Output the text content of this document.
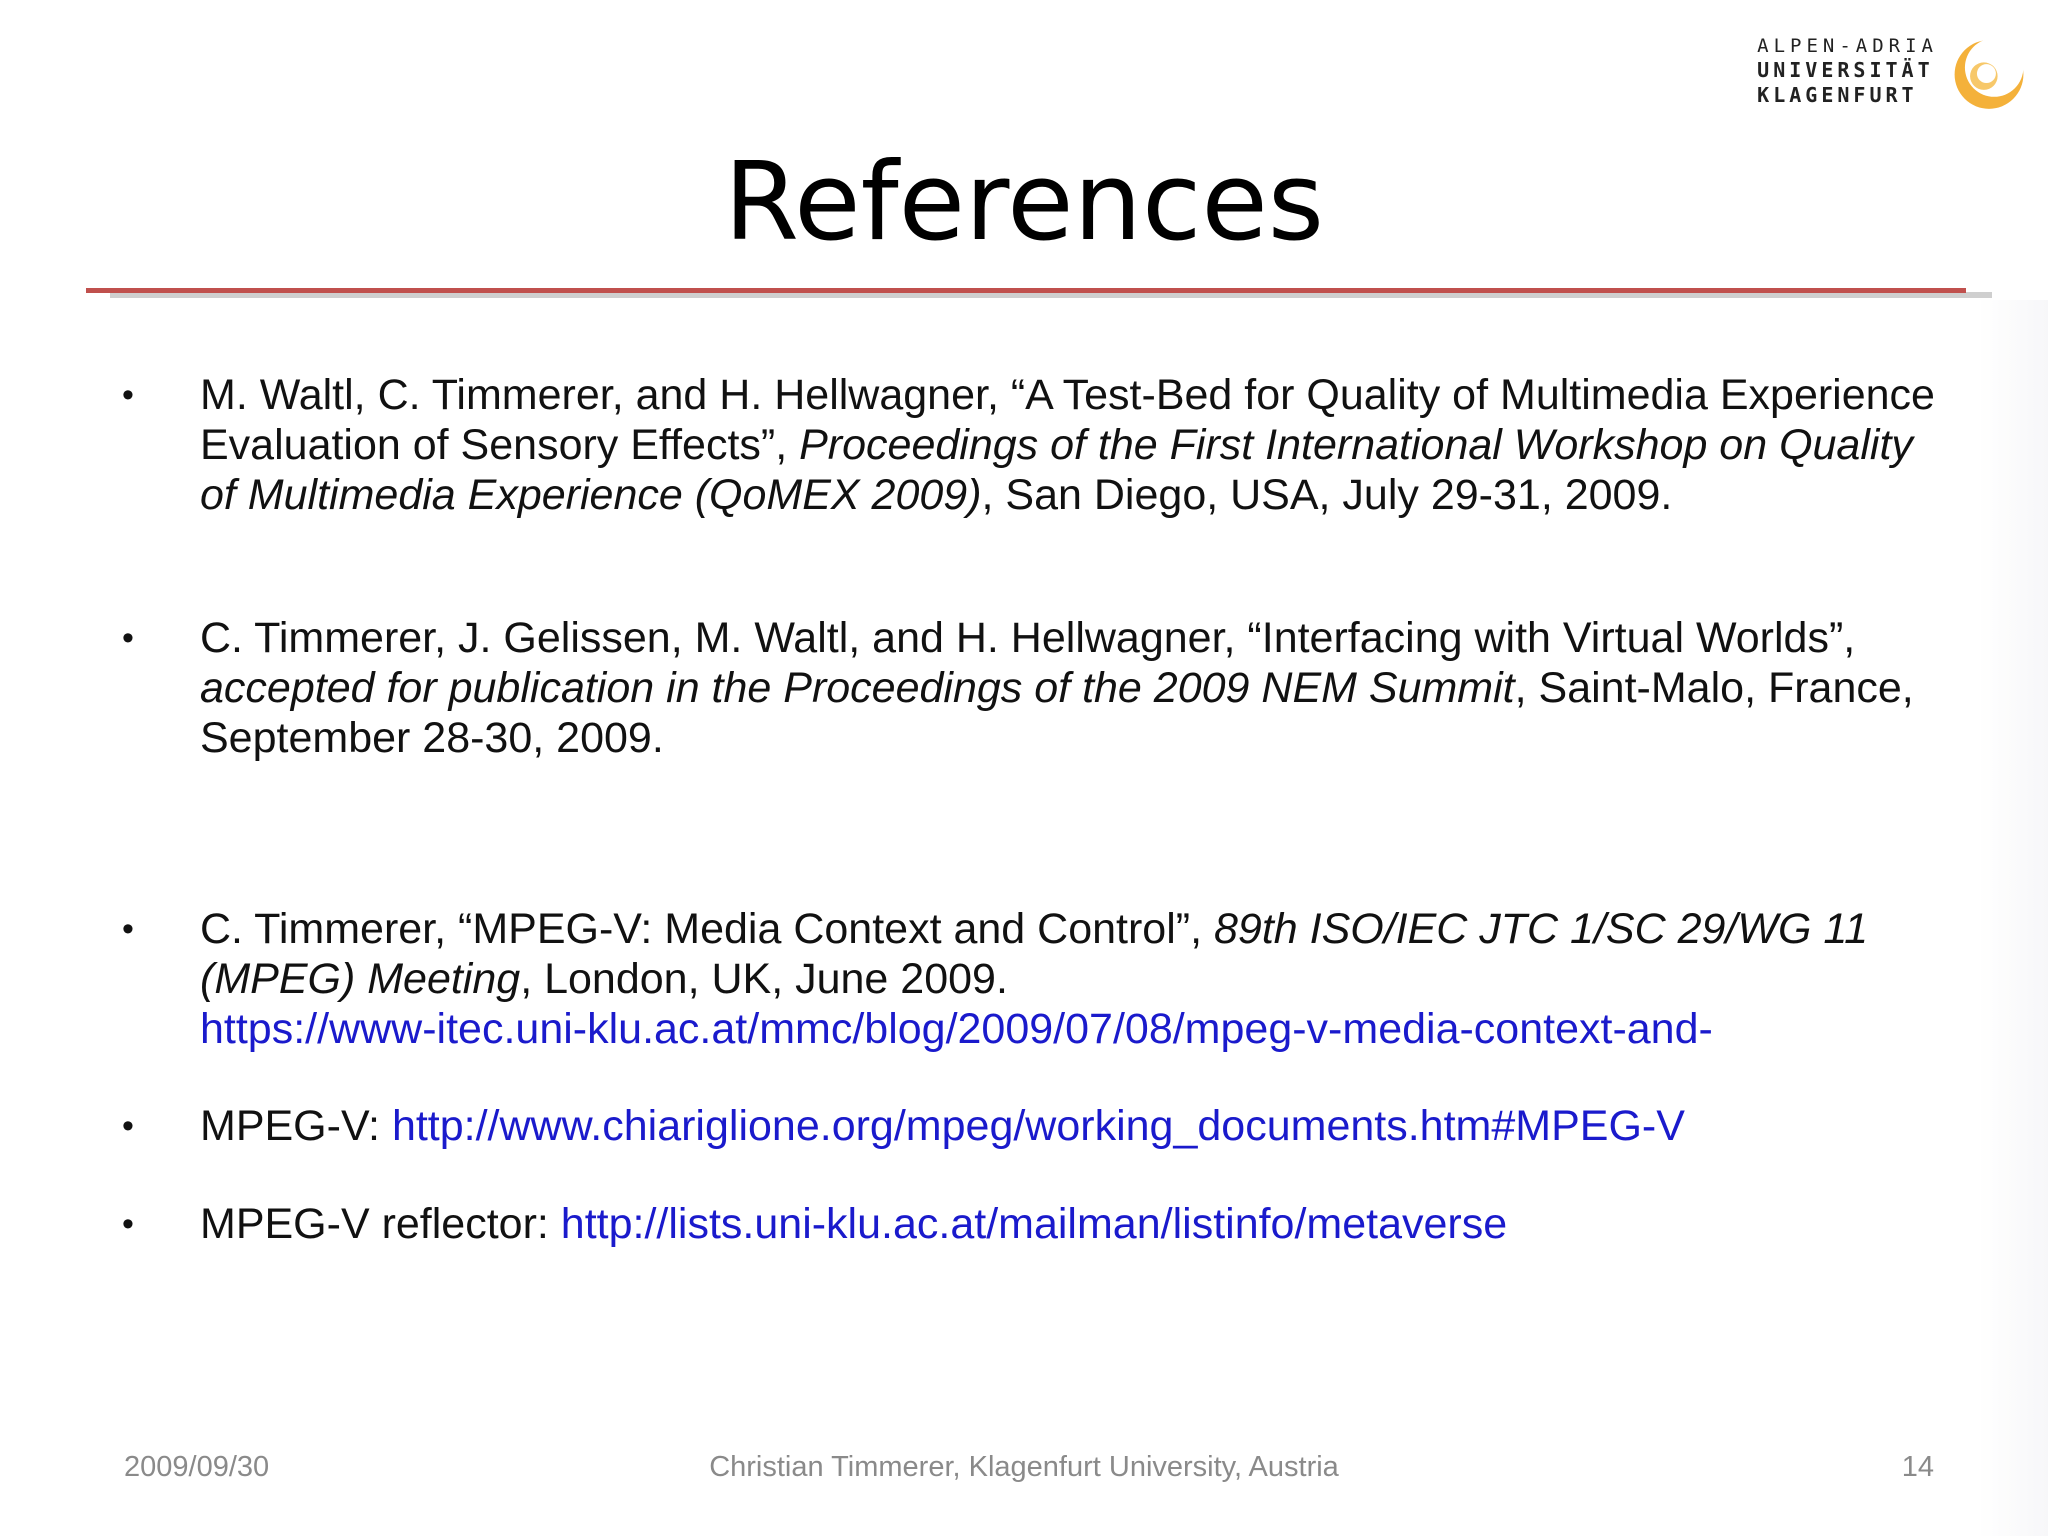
ALPEN-ADRIA
UNIVERSITÄT
KLAGENFURT
References
• M. Waltl, C. Timmerer, and H. Hellwagner, “A Test-Bed for Quality of Multimedia Experience Evaluation of Sensory Effects”, Proceedings of the First International Workshop on Quality of Multimedia Experience (QoMEX 2009), San Diego, USA, July 29-31, 2009.
• C. Timmerer, J. Gelissen, M. Waltl, and H. Hellwagner, “Interfacing with Virtual Worlds”, accepted for publication in the Proceedings of the 2009 NEM Summit, Saint-Malo, France, September 28-30, 2009.
• C. Timmerer, “MPEG-V: Media Context and Control”, 89th ISO/IEC JTC 1/SC 29/WG 11 (MPEG) Meeting, London, UK, June 2009.
https://www-itec.uni-klu.ac.at/mmc/blog/2009/07/08/mpeg-v-media-context-and-
• MPEG-V: http://www.chiariglione.org/mpeg/working_documents.htm#MPEG-V
• MPEG-V reflector: http://lists.uni-klu.ac.at/mailman/listinfo/metaverse
2009/09/30	Christian Timmerer, Klagenfurt University, Austria	14
